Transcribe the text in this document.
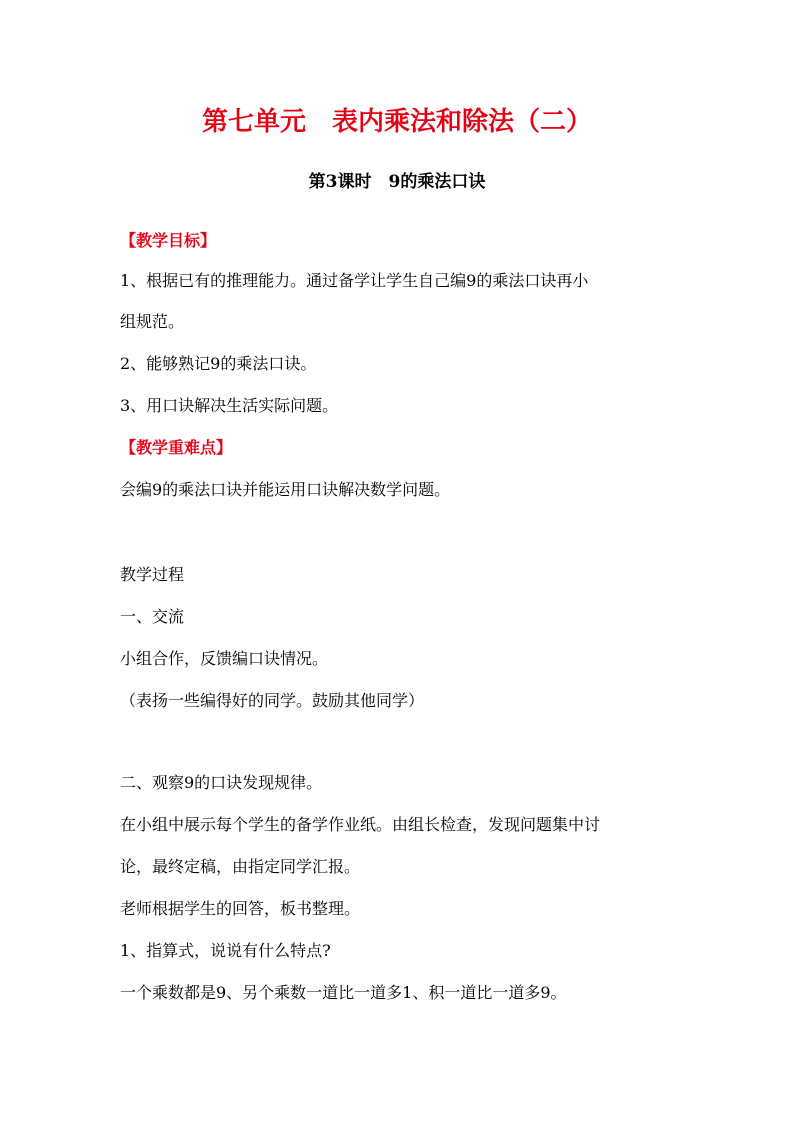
第七单元　表内乘法和除法（二）
第3课时　9的乘法口诀
【教学目标】
1、根据已有的推理能力。通过备学让学生自己编9的乘法口诀再小
组规范。
2、能够熟记9的乘法口诀。
3、用口诀解决生活实际问题。
【教学重难点】
会编9的乘法口诀并能运用口诀解决数学问题。
教学过程
一、交流
小组合作，反馈编口诀情况。
（表扬一些编得好的同学。鼓励其他同学）
二、观察9的口诀发现规律。
在小组中展示每个学生的备学作业纸。由组长检查，发现问题集中讨
论，最终定稿，由指定同学汇报。
老师根据学生的回答，板书整理。
1、指算式，说说有什么特点?
一个乘数都是9、另个乘数一道比一道多1、积一道比一道多9。
